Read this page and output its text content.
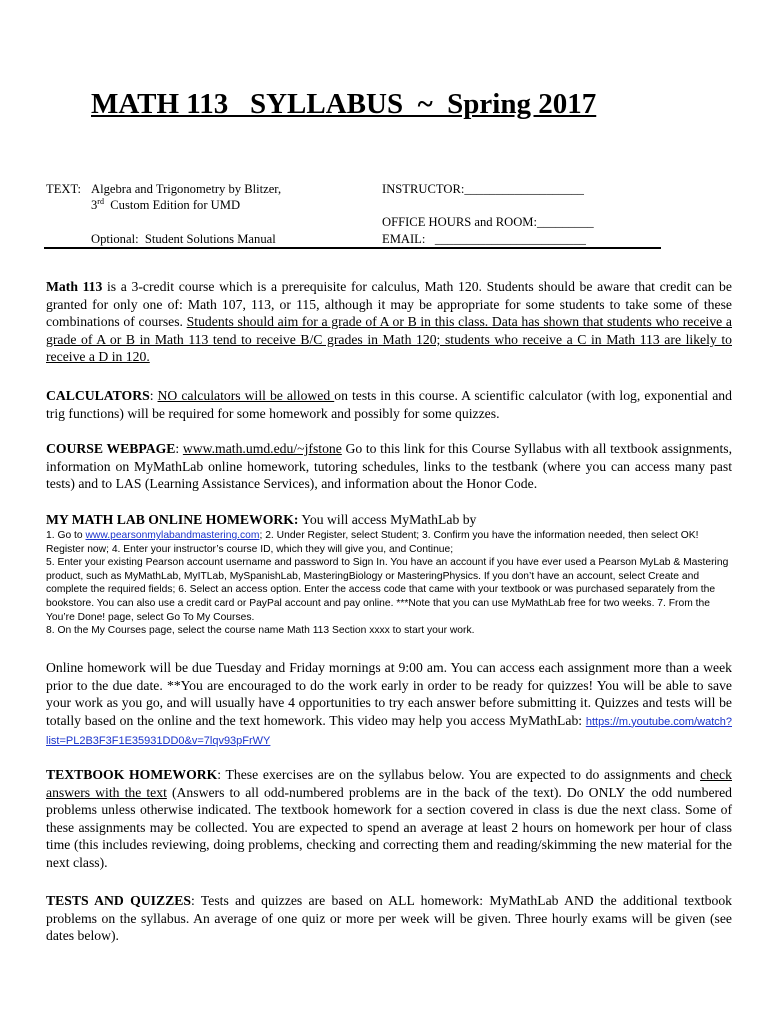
MATH 113   SYLLABUS  ~  Spring 2017
TEXT: Algebra and Trigonometry by Blitzer,
3rd Custom Edition for UMD
Optional:  Student Solutions Manual
INSTRUCTOR:___________________
OFFICE HOURS and ROOM:_________
EMAIL:   ________________________
Math 113 is a 3-credit course which is a prerequisite for calculus, Math 120. Students should be aware that credit can be granted for only one of: Math 107, 113, or 115, although it may be appropriate for some students to take some of these combinations of courses. Students should aim for a grade of A or B in this class. Data has shown that students who receive a grade of A or B in Math 113 tend to receive B/C grades in Math 120; students who receive a C in Math 113 are likely to receive a D in 120.
CALCULATORS: NO calculators will be allowed on tests in this course. A scientific calculator (with log, exponential and trig functions) will be required for some homework and possibly for some quizzes.
COURSE WEBPAGE: www.math.umd.edu/~jfstone Go to this link for this Course Syllabus with all textbook assignments, information on MyMathLab online homework, tutoring schedules, links to the testbank (where you can access many past tests) and to LAS (Learning Assistance Services), and information about the Honor Code.
MY MATH LAB ONLINE HOMEWORK: You will access MyMathLab by
1. Go to www.pearsonmylabandmastering.com; 2. Under Register, select Student; 3. Confirm you have the information needed, then select OK! Register now; 4. Enter your instructor’s course ID, which they will give you, and Continue;
5. Enter your existing Pearson account username and password to Sign In. You have an account if you have ever used a Pearson MyLab & Mastering product, such as MyMathLab, MyITLab, MySpanishLab, MasteringBiology or MasteringPhysics. If you don’t have an account, select Create and complete the required fields; 6. Select an access option. Enter the access code that came with your textbook or was purchased separately from the bookstore. You can also use a credit card or PayPal account and pay online. ***Note that you can use MyMathLab free for two weeks. 7. From the You’re Done! page, select Go To My Courses.
8. On the My Courses page, select the course name Math 113 Section xxxx to start your work.
Online homework will be due Tuesday and Friday mornings at 9:00 am. You can access each assignment more than a week prior to the due date. **You are encouraged to do the work early in order to be ready for quizzes! You will be able to save your work as you go, and will usually have 4 opportunities to try each answer before submitting it. Quizzes and tests will be totally based on the online and the text homework. This video may help you access MyMathLab: https://m.youtube.com/watch?list=PL2B3F3F1E35931DD0&v=7lqv93pFrWY
TEXTBOOK HOMEWORK: These exercises are on the syllabus below. You are expected to do assignments and check answers with the text (Answers to all odd-numbered problems are in the back of the text). Do ONLY the odd numbered problems unless otherwise indicated. The textbook homework for a section covered in class is due the next class. Some of these assignments may be collected. You are expected to spend an average at least 2 hours on homework per hour of class time (this includes reviewing, doing problems, checking and correcting them and reading/skimming the new material for the next class).
TESTS AND QUIZZES: Tests and quizzes are based on ALL homework: MyMathLab AND the additional textbook problems on the syllabus. An average of one quiz or more per week will be given. Three hourly exams will be given (see dates below).
